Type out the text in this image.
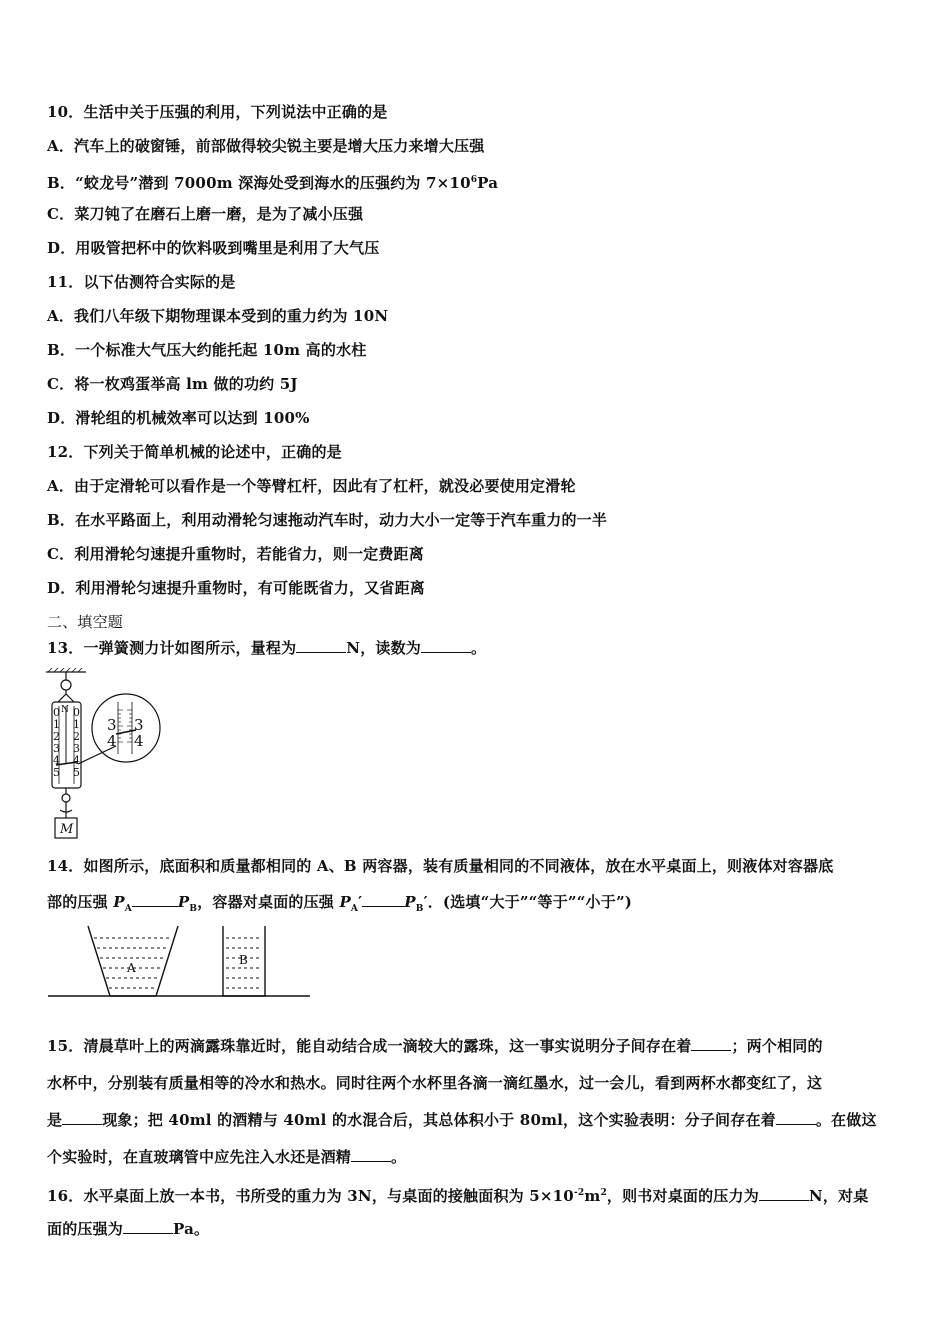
10．生活中关于压强的利用，下列说法中正确的是
A．汽车上的破窗锤，前部做得较尖锐主要是增大压力来增大压强
B．“蛟龙号”潜到 7000m 深海处受到海水的压强约为 $7\times 10^6Pa$
C．菜刀钝了在磨石上磨一磨，是为了减小压强
D．用吸管把杯中的饮料吸到嘴里是利用了大气压
11．以下估测符合实际的是
A．我们八年级下期物理课本受到的重力约为 10N
B．一个标准大气压大约能托起 10m 高的水柱
C．将一枚鸡蛋举高 lm 做的功约 5J
D．滑轮组的机械效率可以达到 100%
12．下列关于简单机械的论述中，正确的是
A．由于定滑轮可以看作是一个等臂杠杆，因此有了杠杆，就没必要使用定滑轮
B．在水平路面上，利用动滑轮匀速拖动汽车时，动力大小一定等于汽车重力的一半
C．利用滑轮匀速提升重物时，若能省力，则一定费距离
D．利用滑轮匀速提升重物时，有可能既省力，又省距离
二、填空题
13．一弹簧测力计如图所示，量程为	N，读数为	。
N
0
1
2
3
4
5
0
1
2
3
4
5
3
4
3
4
M
14．如图所示，底面积和质量都相同的 A、B 两容器，装有质量相同的不同液体，放在水平桌面上，则液体对容器底
部的压强 $P_A$	$P_B$，容器对桌面的压强 $P_A'$	$P_B'$．(选填“大于”“等于”“小于”)
A
B
15．清晨草叶上的两滴露珠靠近时，能自动结合成一滴较大的露珠，这一事实说明分子间存在着	；两个相同的
水杯中，分别装有质量相等的冷水和热水。同时往两个水杯里各滴一滴红墨水，过一会儿，看到两杯水都变红了，这
是	现象；把 40ml 的酒精与 40ml 的水混合后，其总体积小于 80ml，这个实验表明：分子间存在着	。在做这
个实验时，在直玻璃管中应先注入水还是酒精	。
16．水平桌面上放一本书，书所受的重力为 3N，与桌面的接触面积为 $5\times 10^{-2}m^2$，则书对桌面的压力为	N，对桌
面的压强为	Pa。
